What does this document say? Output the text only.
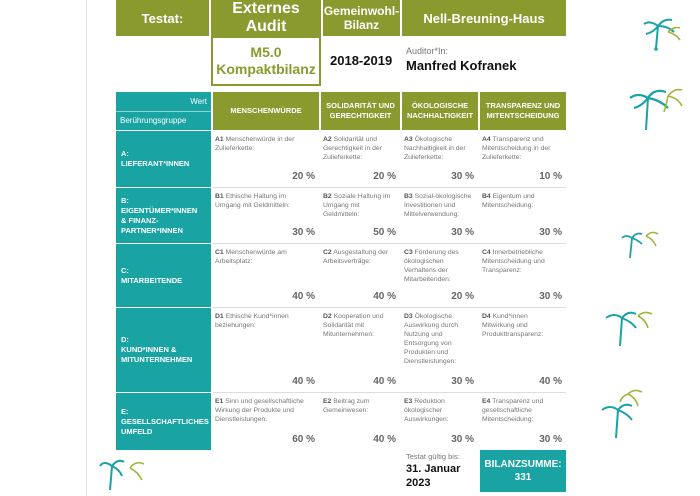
Testat:
Externes Audit
Gemeinwohl-Bilanz	Nell-Breuning-Haus
M5.0
Kompaktbilanz
2018-2019
Auditor*In:
Manfred Kofranek
Wert
Berührungsgruppe
MENSCHENWÜRDE
SOLIDARITÄT UND GERECHTIGKEIT
ÖKOLOGISCHE NACHHALTIGKEIT
TRANSPARENZ UND MITENTSCHEIDUNG
A:
LIEFERANT*INNEN
A1 Menschenwürde in der Zulieferkette:
20 %
A2 Solidarität und Gerechtigkeit in der Zulieferkette:
20 %
A3 Ökologische Nachhaltigkeit in der Zulieferkette:
30 %
A4 Transparenz und Mitentscheidung in der Zulieferkette:
10 %
B:
EIGENTÜMER*INNEN
& FINANZ-
PARTNER*INNEN
B1 Ethische Haltung im Umgang mit Geldmitteln:
30 %
B2 Soziale Haltung im Umgang mit Geldmitteln:
50 %
B3 Sozial-ökologische Investitionen und Mittelverwendung:
30 %
B4 Eigentum und Mitentscheidung:
30 %
C:
MITARBEITENDE
C1 Menschenwürde am Arbeitsplatz:
40 %
C2 Ausgestaltung der Arbeitsverträge:
40 %
C3 Förderung des ökologischen Verhaltens der Mitarbeitenden:
20 %
C4 Innerbetriebliche Mitentscheidung und Transparenz:
30 %
D:
KUND*INNEN &
MITUNTERNEHMEN
D1 Ethische Kund*innen beziehungen:
40 %
D2 Kooperation und Solidarität mit Mitunternehmen:
40 %
D3 Ökologische Auswirkung durch Nutzung und Entsorgung von Produkten und Dienstleistungen:
30 %
D4 Kund*innen Mitwirkung und Produkttransparenz:
40 %
E:
GESELLSCHAFTLICHES
UMFELD
E1 Sinn und gesellschaftliche Wirkung der Produkte und Dienstleistungen:
60 %
E2 Beitrag zum Gemeinwesen:
40 %
E3 Reduktion ökologischer Auswirkungen:
30 %
E4 Transparenz und gesellschaftliche Mitentscheidung:
30 %
Testat gültig bis:
31. Januar
2023
BILANZSUMME:
331
